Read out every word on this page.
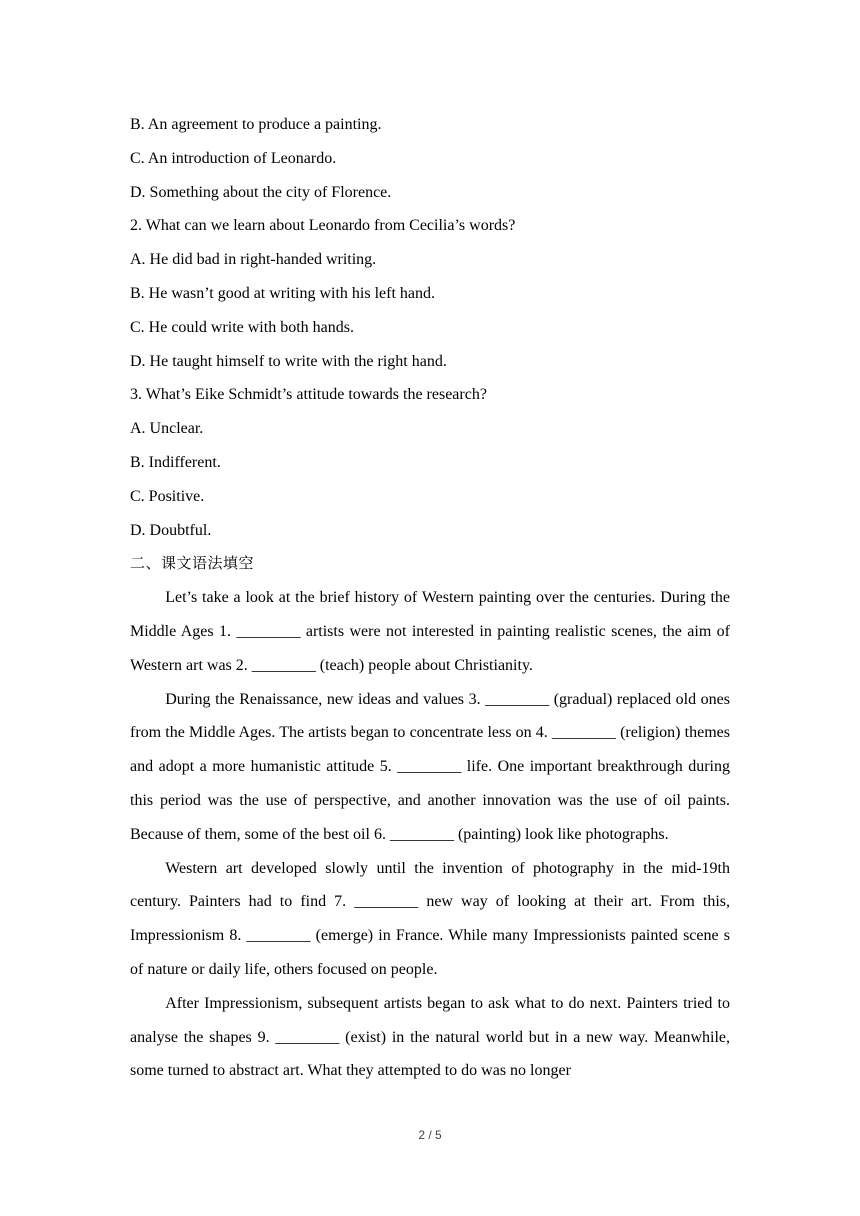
B. An agreement to produce a painting.

C. An introduction of Leonardo.

D. Something about the city of Florence.

2. What can we learn about Leonardo from Cecilia’s words?

A. He did bad in right-handed writing.

B. He wasn’t good at writing with his left hand.

C. He could write with both hands.

D. He taught himself to write with the right hand.

3. What’s Eike Schmidt’s attitude towards the research?

A. Unclear.

B. Indifferent.

C. Positive.

D. Doubtful.

二、课文语法填空

Let’s take a look at the brief history of Western painting over the centuries. During the Middle Ages 1. ________ artists were not interested in painting realistic scenes, the aim of Western art was 2. ________ (teach) people about Christianity.

During the Renaissance, new ideas and values 3. ________ (gradual) replaced old ones from the Middle Ages. The artists began to concentrate less on 4. ________ (religion) themes and adopt a more humanistic attitude 5. ________ life. One important breakthrough during this period was the use of perspective, and another innovation was the use of oil paints. Because of them, some of the best oil 6. ________ (painting) look like photographs.

Western art developed slowly until the invention of photography in the mid-19th century. Painters had to find 7. ________ new way of looking at their art. From this, Impressionism 8. ________ (emerge) in France. While many Impressionists painted scene s of nature or daily life, others focused on people.

After Impressionism, subsequent artists began to ask what to do next. Painters tried to analyse the shapes 9. ________ (exist) in the natural world but in a new way. Meanwhile, some turned to abstract art. What they attempted to do was no longer

2 / 5
